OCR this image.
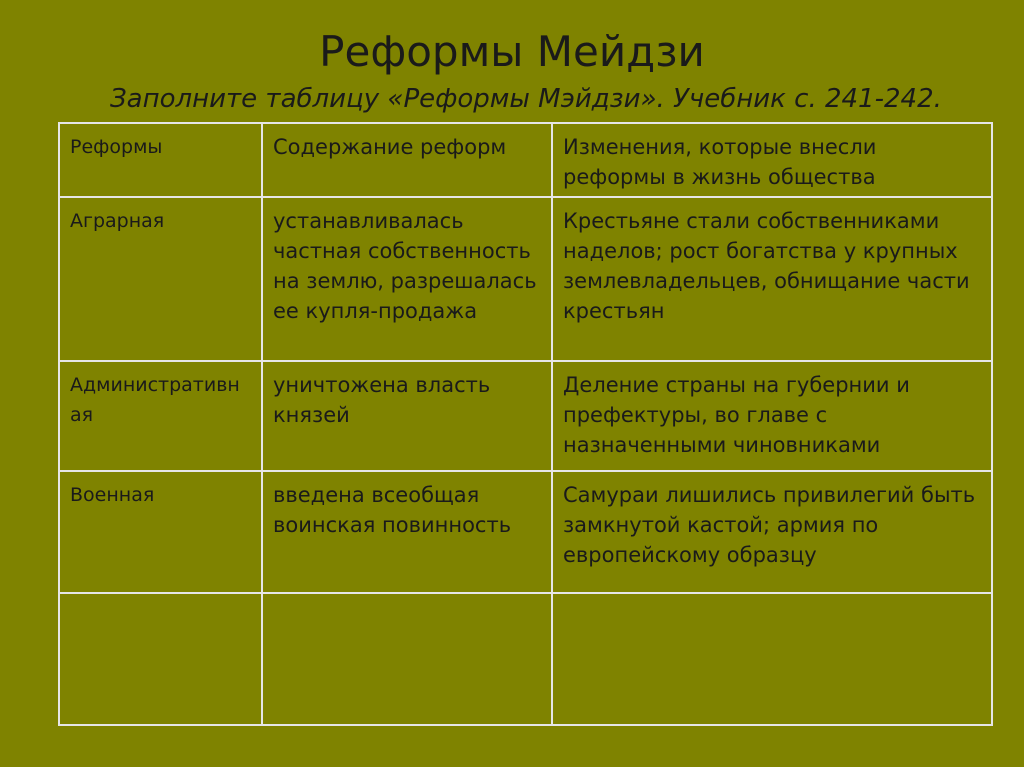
Реформы Мейдзи
Заполните таблицу «Реформы Мэйдзи». Учебник с. 241-242.
Реформы	Содержание реформ	Изменения, которые внесли реформы в жизнь общества
Аграрная	устанавливалась частная собственность на землю, разрешалась ее купля-продажа	Крестьяне стали собственниками наделов; рост богатства у крупных землевладельцев, обнищание части крестьян
Административная	уничтожена власть князей	Деление страны на губернии и префектуры, во главе с назначенными чиновниками
Военная	введена всеобщая воинская повинность	Самураи лишились привилегий быть замкнутой кастой; армия по европейскому образцу
